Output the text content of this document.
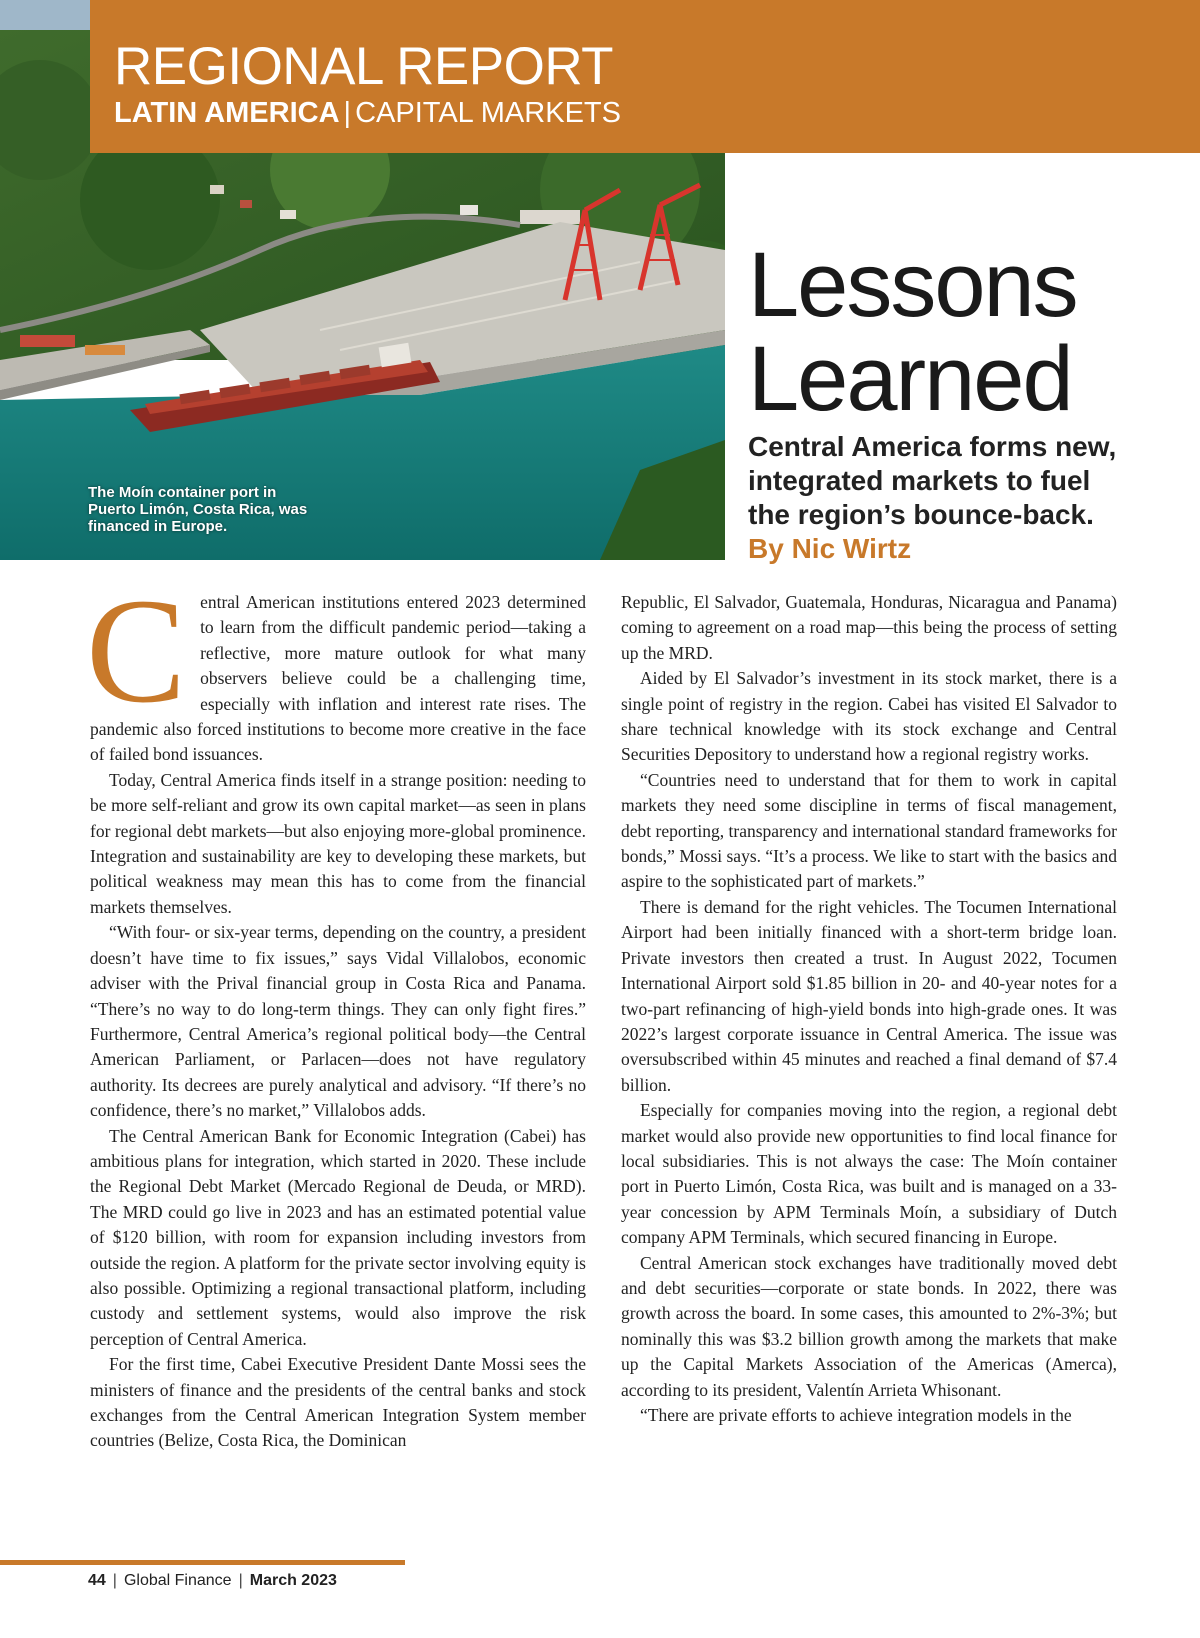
REGIONAL REPORT
LATIN AMERICA | CAPITAL MARKETS
The Moín container port in Puerto Limón, Costa Rica, was financed in Europe.
Lessons
Learned
Central America forms new, integrated markets to fuel the region’s bounce-back. By Nic Wirtz
C entral American institutions entered 2023 determined to learn from the difficult pandemic period—taking a reflective, more mature outlook for what many observers believe could be a challenging time, especially with inflation and interest rate rises. The pandemic also forced institutions to become more creative in the face of failed bond issuances.

Today, Central America finds itself in a strange position: needing to be more self-reliant and grow its own capital market—as seen in plans for regional debt markets—but also enjoying more-global prominence. Integration and sustainability are key to developing these markets, but political weakness may mean this has to come from the financial markets themselves.

“With four- or six-year terms, depending on the country, a president doesn’t have time to fix issues,” says Vidal Villalobos, economic adviser with the Prival financial group in Costa Rica and Panama. “There’s no way to do long-term things. They can only fight fires.” Furthermore, Central America’s regional political body—the Central American Parliament, or Parlacen—does not have regulatory authority. Its decrees are purely analytical and advisory. “If there’s no confidence, there’s no market,” Villalobos adds.

The Central American Bank for Economic Integration (Cabei) has ambitious plans for integration, which started in 2020. These include the Regional Debt Market (Mercado Regional de Deuda, or MRD). The MRD could go live in 2023 and has an estimated potential value of $120 billion, with room for expansion including investors from outside the region. A platform for the private sector involving equity is also possible. Optimizing a regional transactional platform, including custody and settlement systems, would also improve the risk perception of Central America.

For the first time, Cabei Executive President Dante Mossi sees the ministers of finance and the presidents of the central banks and stock exchanges from the Central American Integration System member countries (Belize, Costa Rica, the Dominican

Republic, El Salvador, Guatemala, Honduras, Nicaragua and Panama) coming to agreement on a road map—this being the process of setting up the MRD.

Aided by El Salvador’s investment in its stock market, there is a single point of registry in the region. Cabei has visited El Salvador to share technical knowledge with its stock exchange and Central Securities Depository to understand how a regional registry works.

“Countries need to understand that for them to work in capital markets they need some discipline in terms of fiscal management, debt reporting, transparency and international standard frameworks for bonds,” Mossi says. “It’s a process. We like to start with the basics and aspire to the sophisticated part of markets.”

There is demand for the right vehicles. The Tocumen International Airport had been initially financed with a short-term bridge loan. Private investors then created a trust. In August 2022, Tocumen International Airport sold $1.85 billion in 20- and 40-year notes for a two-part refinancing of high-yield bonds into high-grade ones. It was 2022’s largest corporate issuance in Central America. The issue was oversubscribed within 45 minutes and reached a final demand of $7.4 billion.

Especially for companies moving into the region, a regional debt market would also provide new opportunities to find local finance for local subsidiaries. This is not always the case: The Moín container port in Puerto Limón, Costa Rica, was built and is managed on a 33-year concession by APM Terminals Moín, a subsidiary of Dutch company APM Terminals, which secured financing in Europe.

Central American stock exchanges have traditionally moved debt and debt securities—corporate or state bonds. In 2022, there was growth across the board. In some cases, this amounted to 2%-3%; but nominally this was $3.2 billion growth among the markets that make up the Capital Markets Association of the Americas (Amerca), according to its president, Valentín Arrieta Whisonant.

“There are private efforts to achieve integration models in the

44 | Global Finance | March 2023
